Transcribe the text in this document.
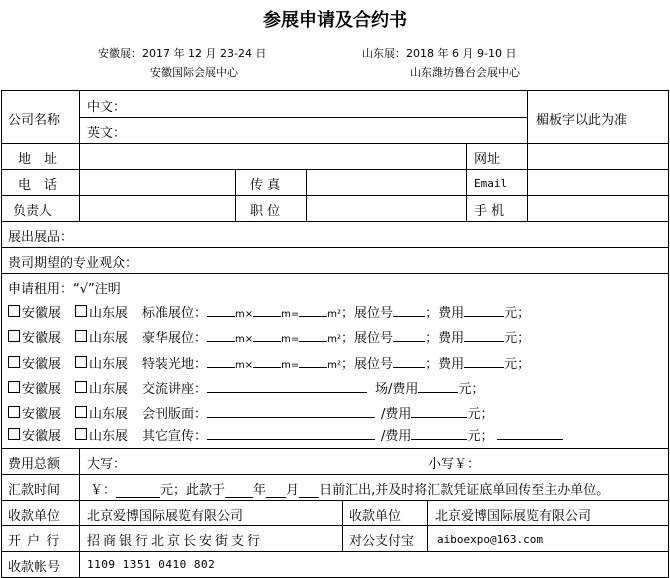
参展申请及合约书
安徽展：2017 年 12 月 23-24 日
安徽国际会展中心
山东展：2018 年 6 月 9-10 日
山东潍坊鲁台会展中心
公司名称
中文：
英文：
楣板字以此为准
地　址	网址
电　话	传 真	Email
负责人	职 位	手 机
展出展品：
贵司期望的专业观众：
申请租用：“√”注明
安徽展 山东展 标准展位：	m×	m=	m²；展位号 ；费用	元；
安徽展 山东展 豪华展位：	m×	m=	m²；展位号 ；费用	元；
安徽展 山东展 特装光地：	m×	m=	m²；展位号 ；费用	元；
安徽展 山东展 交流讲座：	场/费用	元；
安徽展 山东展 会刊版面：	/费用	元；
安徽展 山东展 其它宣传：	/费用	元；
费用总额 大写：	小写￥：
汇款时间 ￥：	元；此款于 年 月 日前汇出,并及时将汇款凭证底单回传至主办单位。
收款单位 北京爱博国际展览有限公司	收款单位	北京爱博国际展览有限公司
开 户 行 招商银行北京长安街支行	对公支付宝 aiboexpo@163.com
收款帐号 1109 1351 0410 802
